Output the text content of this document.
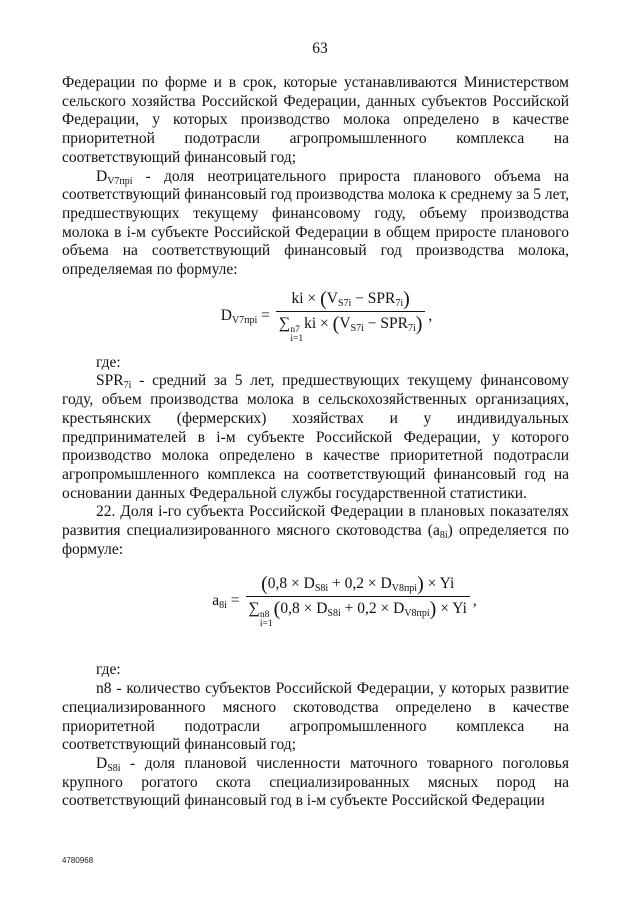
63

Федерации по форме и в срок, которые устанавливаются Министерством сельского хозяйства Российской Федерации, данных субъектов Российской Федерации, у которых производство молока определено в качестве приоритетной подотрасли агропромышленного комплекса на соответствующий финансовый год;

$D_{V7пpi}$ - доля неотрицательного прироста планового объема на соответствующий финансовый год производства молока к среднему за 5 лет, предшествующих текущему финансовому году, объему производства молока в i-м субъекте Российской Федерации в общем приросте планового объема на соответствующий финансовый год производства молока, определяемая по формуле:

$D_{V7пpi}$ = ki × $(V_{S7i} - SPR_{7i})$
∑ n7
i=1
ki × $(V_{S7i} - SPR_{7i})$ ,

где:

$SPR_{7i}$ - средний за 5 лет, предшествующих текущему финансовому году, объем производства молока в сельскохозяйственных организациях, крестьянских (фермерских) хозяйствах и у индивидуальных предпринимателей в i-м субъекте Российской Федерации, у которого производство молока определено в качестве приоритетной подотрасли агропромышленного комплекса на соответствующий финансовый год на основании данных Федеральной службы государственной статистики.

22. Доля i-го субъекта Российской Федерации в плановых показателях развития специализированного мясного скотоводства $(a_{8i})$ определяется по формуле:

$a_{8i} = (0,8 \times D_{S8i} + 0,2 \times D_{V8пpi}) \times Yi$
∑ n8
i=1
$(0,8 \times D_{S8i} + 0,2 \times D_{V8пpi}) \times Yi$ ,

где:

n8 - количество субъектов Российской Федерации, у которых развитие специализированного мясного скотоводства определено в качестве приоритетной подотрасли агропромышленного комплекса на соответствующий финансовый год;

$D_{S8i}$ - доля плановой численности маточного товарного поголовья крупного рогатого скота специализированных мясных пород на соответствующий финансовый год в i-м субъекте Российской Федерации

4780968
